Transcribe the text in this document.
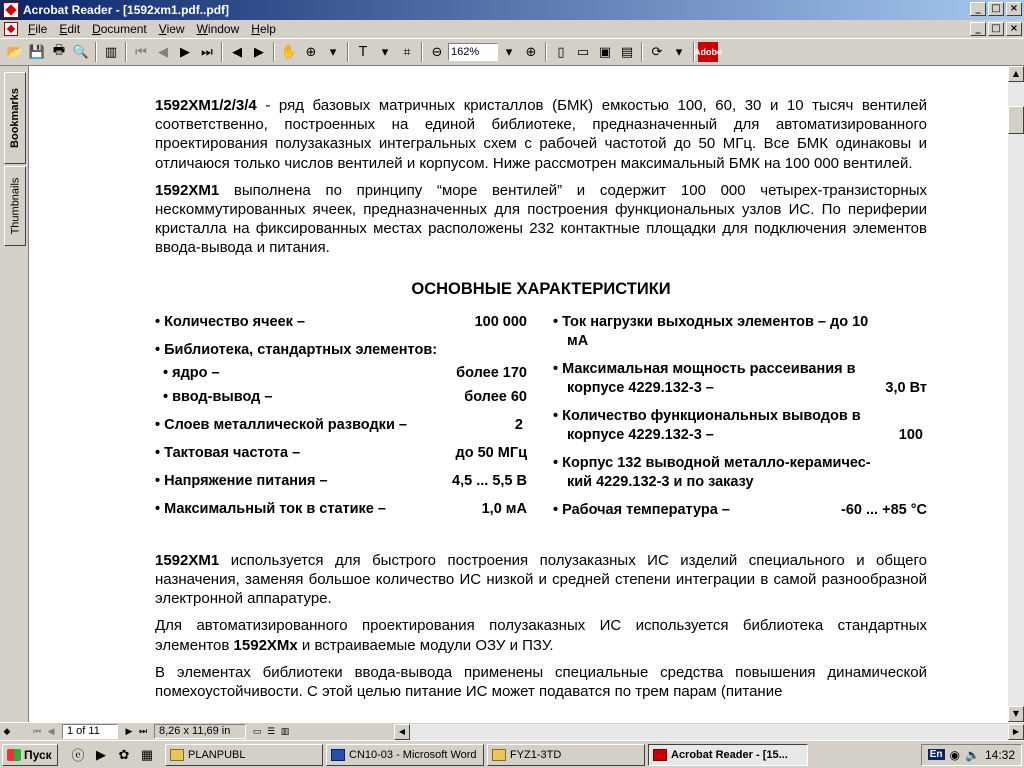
Acrobat Reader - [1592xm1.pdf..pdf]	_	□ ×
File	Edit	Document	View	Window	Help	_	□ ×
📂 💾 🖶 🔍	▥	⏮ ◀ ▶ ⏭	◀ ▶	✋ ⊕	▾	T	▾	⌗	⊖ 162%	▾	⊕	▯ ▭ ▣ ▤	⟳	▾	Adobe
Bookmarks
Thumbnails

1592ХМ1/2/3/4 - ряд базовых матричных кристаллов (БМК) емкостью 100, 60, 30 и 10 тысяч вентилей соответственно, построенных на единой библиотеке, предназначенный для автоматизированного проектирования полузаказных интегральных схем с рабочей частотой до 50 МГц. Все БМК одинаковы и отличаюся только числов вентилей и корпусом. Ниже рассмотрен максимальный БМК на 100 000 вентилей.

1592ХМ1 выполнена по принципу “море вентилей” и содержит 100 000 четырех-транзисторных нескоммутированных ячеек, предназначенных для построения функциональных узлов ИС. По периферии кристалла на фиксированных местах расположены 232 контактные площадки для подключения элементов ввода-вывода и питания.

ОСНОВНЫЕ ХАРАКТЕРИСТИКИ
• Количество ячеек –	100 000
• Библиотека, стандартных элементов:
• ядро –	более 170
• ввод-вывод –	более 60
• Слоев металлической разводки –	2
• Тактовая частота –	до 50 МГц
• Напряжение питания –	4,5 ... 5,5 В
• Максимальный ток в статике –	1,0 мА
• Ток нагрузки выходных элементов – до 10
мА
• Максимальная мощность рассеивания в
корпусе 4229.132-3 –	3,0 Вт
• Количество функциональных выводов в
корпусе 4229.132-3 –	100
• Корпус 132 выводной металло-керамичес-
кий 4229.132-3 и по заказу
• Рабочая температура –	-60 ... +85 °С

1592ХМ1 используется для быстрого построения полузаказных ИС изделий специального и общего назначения, заменяя большое количество ИС низкой и средней степени интеграции в самой разнообразной электронной аппаратуре.

Для автоматизированного проектирования полузаказных ИС используется библиотека стандартных элементов 1592ХМх и встраиваемые модули ОЗУ и ПЗУ.

В элементах библиотеки ввода-вывода применены специальные средства повышения динамической помехоустойчивости. С этой целью питание ИС может подаватся по трем парам (питание

▲
▼
◆	⏮ ◀	1 of 11	▶ ⏭	8,26 x 11,69 in	▭ ☰ ▥	◀	▶
Пуск ⓔ ▶ ✿ ▦	PLANPUBL	CN10-03 - Microsoft Word	FYZ1-3TD	Acrobat Reader - [15...	En ◉ 🔈 14:32
